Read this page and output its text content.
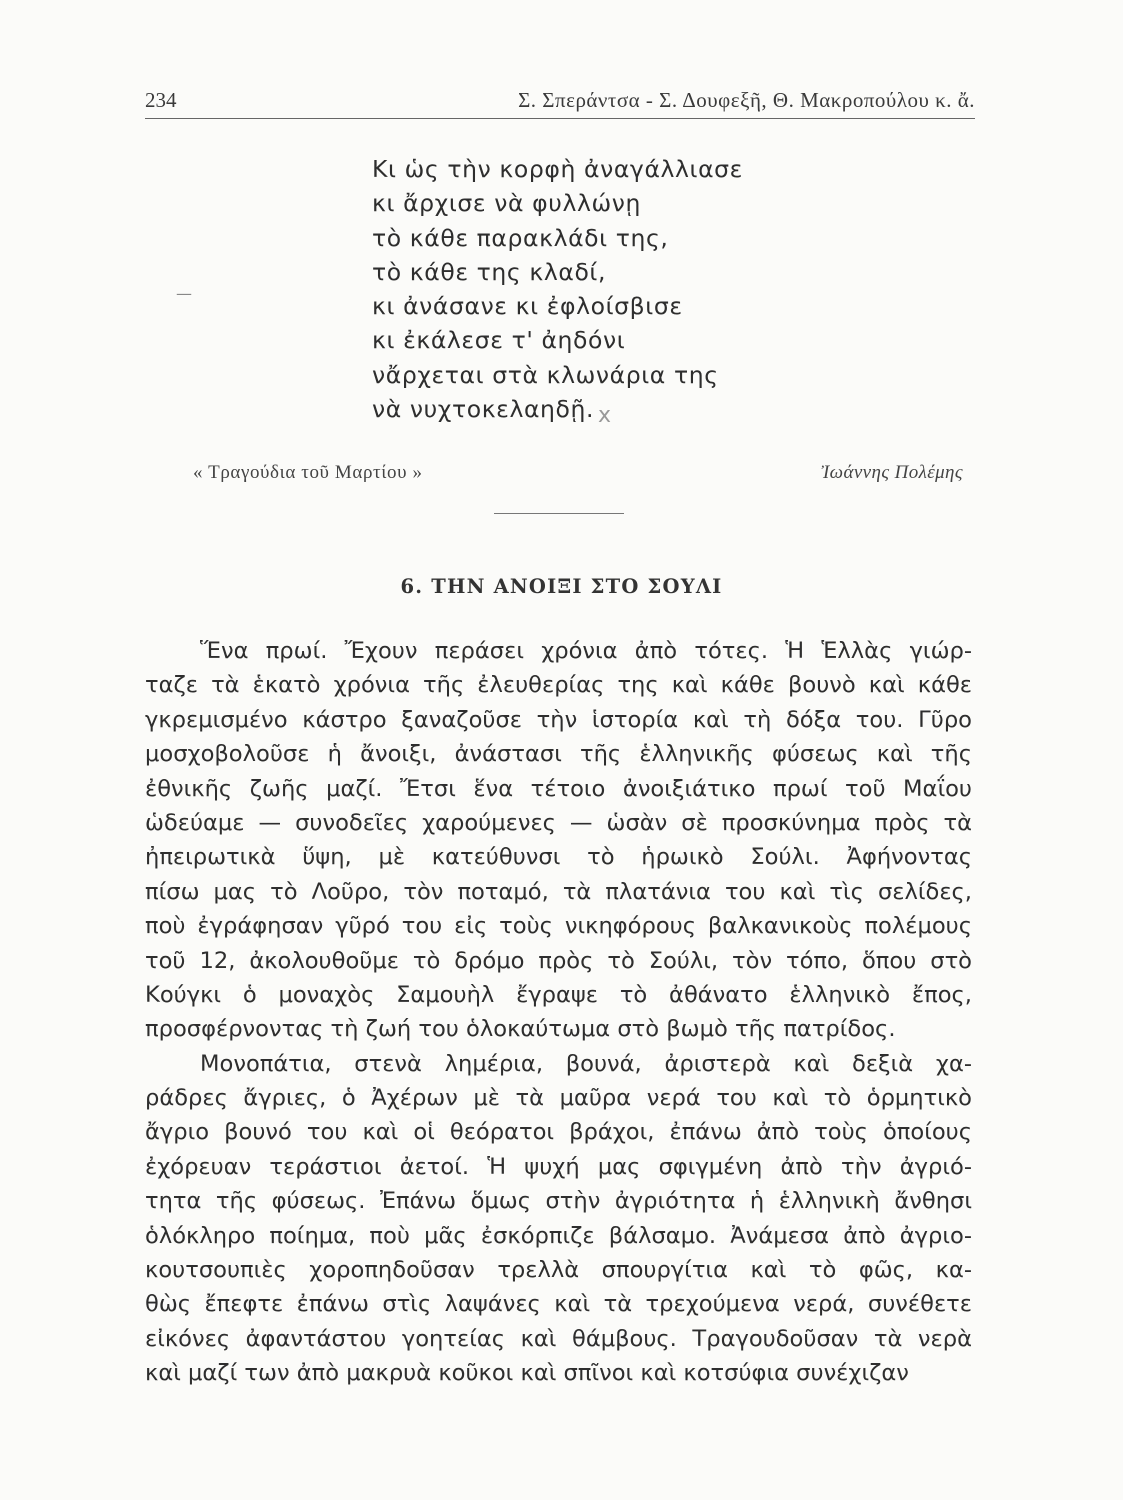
234	Σ. Σπεράντσα - Σ. Δουφεξῆ, Θ. Μακροπούλου κ. ἄ.
Κι ὡς τὴν κορφὴ ἀναγάλλιασε
κι ἄρχισε νὰ φυλλώνῃ
τὸ κάθε παρακλάδι της,
τὸ κάθε της κλαδί,
κι ἀνάσανε κι ἐφλοίσβισε
κι ἐκάλεσε τ' ἀηδόνι
νἄρχεται στὰ κλωνάρια της
νὰ νυχτοκελαηδῇ.
—
x
« Τραγούδια τοῦ Μαρτίου »	Ἰωάννης Πολέμης
6. ΤΗΝ ΑΝΟΙΞΙ ΣΤΟ ΣΟΥΛΙ
Ἕνα πρωί. Ἔχουν περάσει χρόνια ἀπὸ τότες. Ἡ Ἑλλὰς γιώρ-
ταζε τὰ ἑκατὸ χρόνια τῆς ἐλευθερίας της καὶ κάθε βουνὸ καὶ κάθε
γκρεμισμένο κάστρο ξαναζοῦσε τὴν ἱστορία καὶ τὴ δόξα του. Γῦρο
μοσχοβολοῦσε ἡ ἄνοιξι, ἀνάστασι τῆς ἑλληνικῆς φύσεως καὶ τῆς
ἐθνικῆς ζωῆς μαζί. Ἔτσι ἕνα τέτοιο ἀνοιξιάτικο πρωί τοῦ Μαΐου
ὡδεύαμε — συνοδεῖες χαρούμενες — ὡσὰν σὲ προσκύνημα πρὸς τὰ
ἠπειρωτικὰ ὕψη, μὲ κατεύθυνσι τὸ ἡρωικὸ Σούλι. Ἀφήνοντας
πίσω μας τὸ Λοῦρο, τὸν ποταμό, τὰ πλατάνια του καὶ τὶς σελίδες,
ποὺ ἐγράφησαν γῦρό του εἰς τοὺς νικηφόρους βαλκανικοὺς πολέμους
τοῦ 12, ἀκολουθοῦμε τὸ δρόμο πρὸς τὸ Σούλι, τὸν τόπο, ὅπου στὸ
Κούγκι ὁ μοναχὸς Σαμουὴλ ἔγραψε τὸ ἀθάνατο ἑλληνικὸ ἔπος,
προσφέρνοντας τὴ ζωή του ὁλοκαύτωμα στὸ βωμὸ τῆς πατρίδος.
Μονοπάτια, στενὰ λημέρια, βουνά, ἀριστερὰ καὶ δεξιὰ χα-
ράδρες ἄγριες, ὁ Ἀχέρων μὲ τὰ μαῦρα νερά του καὶ τὸ ὁρμητικὸ
ἄγριο βουνό του καὶ οἱ θεόρατοι βράχοι, ἐπάνω ἀπὸ τοὺς ὁποίους
ἐχόρευαν τεράστιοι ἀετοί. Ἡ ψυχή μας σφιγμένη ἀπὸ τὴν ἀγριό-
τητα τῆς φύσεως. Ἐπάνω ὅμως στὴν ἀγριότητα ἡ ἑλληνικὴ ἄνθησι
ὁλόκληρο ποίημα, ποὺ μᾶς ἐσκόρπιζε βάλσαμο. Ἀνάμεσα ἀπὸ ἀγριο-
κουτσουπιὲς χοροπηδοῦσαν τρελλὰ σπουργίτια καὶ τὸ φῶς, κα-
θὼς ἔπεφτε ἐπάνω στὶς λαψάνες καὶ τὰ τρεχούμενα νερά, συνέθετε
εἰκόνες ἀφαντάστου γοητείας καὶ θάμβους. Τραγουδοῦσαν τὰ νερὰ
καὶ μαζί των ἀπὸ μακρυὰ κοῦκοι καὶ σπῖνοι καὶ κοτσύφια συνέχιζαν
